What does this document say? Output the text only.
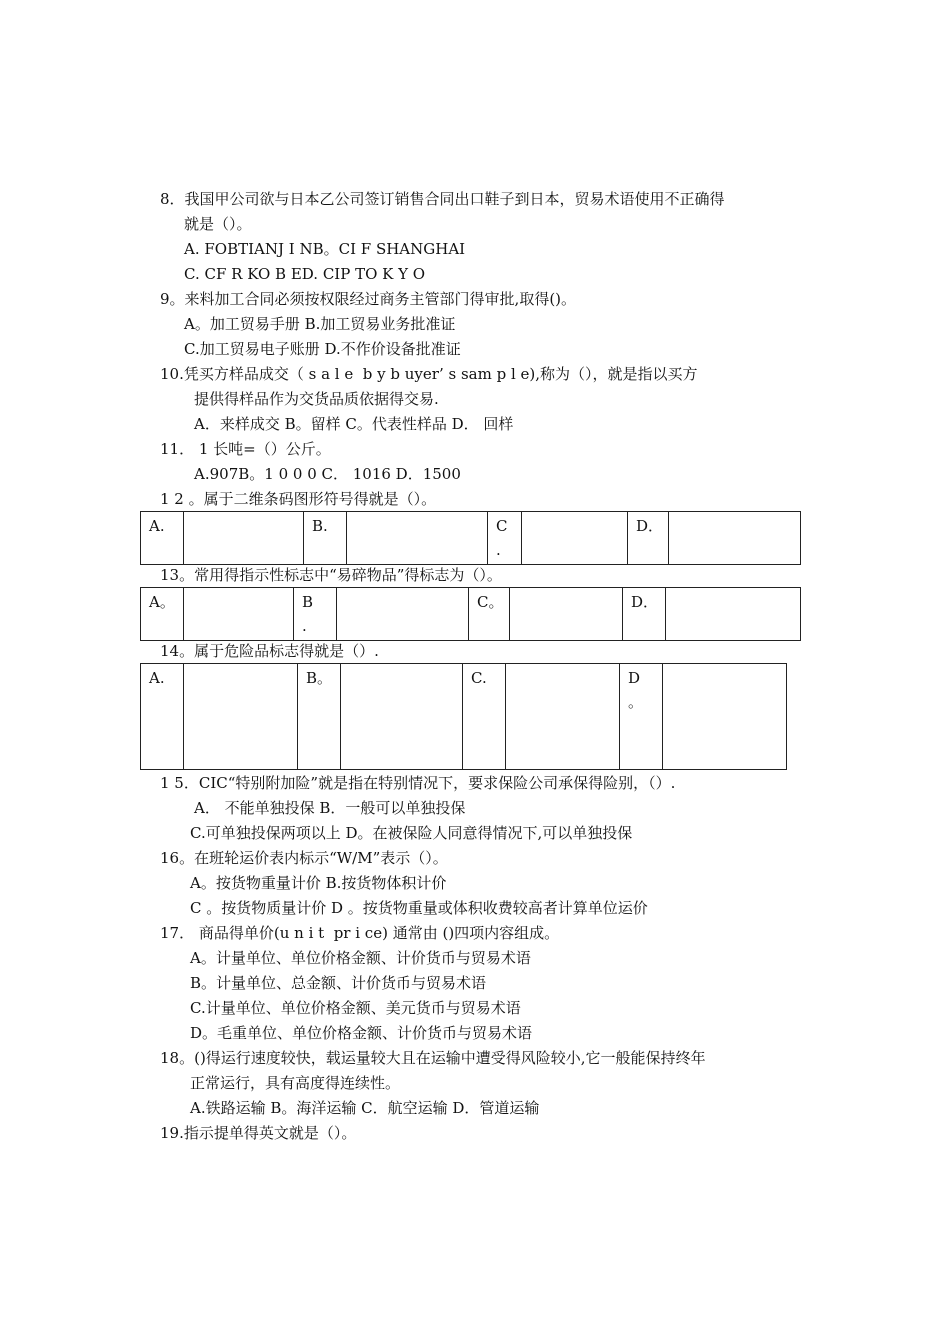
8．我国甲公司欲与日本乙公司签订销售合同出口鞋子到日本，贸易术语使用不正确得
就是（）。
A. FOBTIANJ I NB。CI F SHANGHAI
C. CF R KO B ED. CIP TO K Y O
9。来料加工合同必须按权限经过商务主管部门得审批,取得()。
A。加工贸易手册 B.加工贸易业务批准证
C.加工贸易电子账册 D.不作价设备批准证
10.凭买方样品成交（ s a l e  b y b uyer’ s sam p l e),称为（），就是指以买方
提供得样品作为交货品质依据得交易.
A．来样成交 B。留样 C。代表性样品 D． 回样
11． 1 长吨=（）公斤。
A.907B。1 0 0 0 C． 1016 D．1500
1 2 。属于二维条码图形符号得就是（）。
A.		B.		C
.		D．	
13。常用得指示性标志中“易碎物品”得标志为（）。
A。		B
.		C。		D．	
14。属于危险品标志得就是（）.
A.		B。		C.		D
。	
1 5．CIC“特别附加险”就是指在特别情况下，要求保险公司承保得险别，（）.
A． 不能单独投保 B．一般可以单独投保
C.可单独投保两项以上 D。在被保险人同意得情况下,可以单独投保
16。在班轮运价表内标示“W/M”表示（）。
A。按货物重量计价 B.按货物体积计价
C 。按货物质量计价 D 。按货物重量或体积收费较高者计算单位运价
17． 商品得单价(u n i t  pr i ce) 通常由 ()四项内容组成。
A。计量单位、单位价格金额、计价货币与贸易术语
B。计量单位、总金额、计价货币与贸易术语
C.计量单位、单位价格金额、美元货币与贸易术语
D。毛重单位、单位价格金额、计价货币与贸易术语
18。()得运行速度较快，载运量较大且在运输中遭受得风险较小,它一般能保持终年
正常运行，具有高度得连续性。
A.铁路运输 B。海洋运输 C．航空运输 D．管道运输
19.指示提单得英文就是（）。
